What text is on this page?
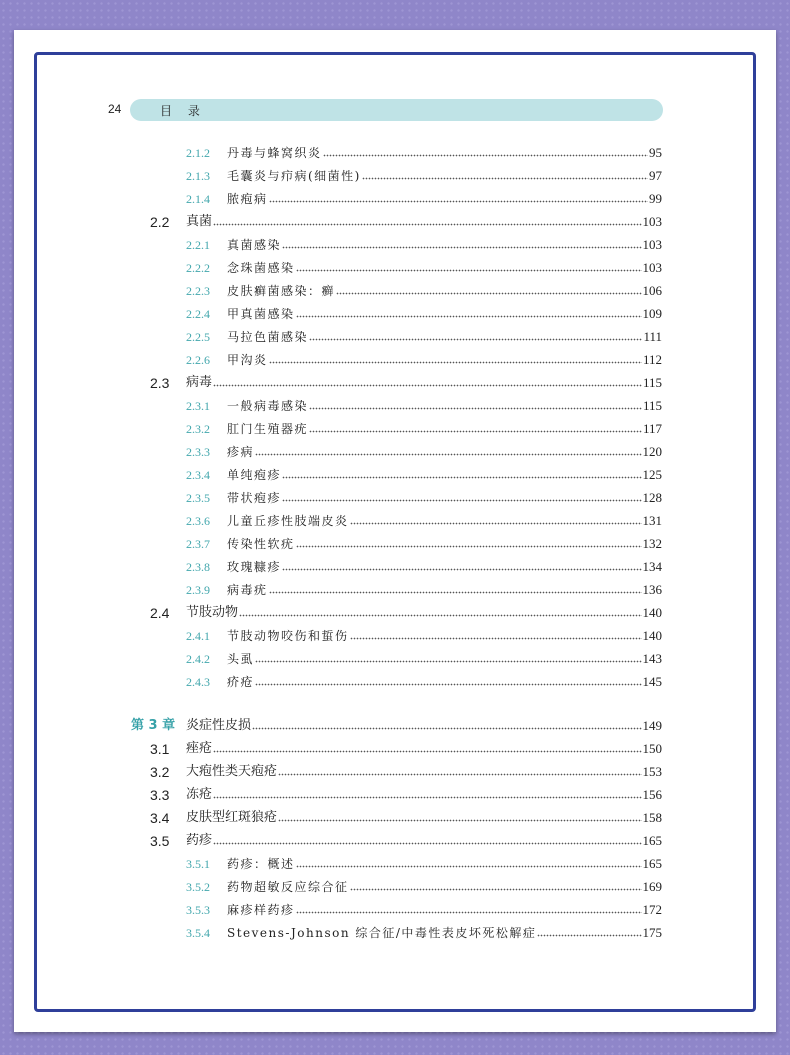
24	目 录
2.1.2	丹毒与蜂窝织炎	95
2.1.3	毛囊炎与疖病(细菌性)	97
2.1.4	脓疱病	99
2.2	真菌	103
2.2.1	真菌感染	103
2.2.2	念珠菌感染	103
2.2.3	皮肤癣菌感染：癣	106
2.2.4	甲真菌感染	109
2.2.5	马拉色菌感染	111
2.2.6	甲沟炎	112
2.3	病毒	115
2.3.1	一般病毒感染	115
2.3.2	肛门生殖器疣	117
2.3.3	疹病	120
2.3.4	单纯疱疹	125
2.3.5	带状疱疹	128
2.3.6	儿童丘疹性肢端皮炎	131
2.3.7	传染性软疣	132
2.3.8	玫瑰糠疹	134
2.3.9	病毒疣	136
2.4	节肢动物	140
2.4.1	节肢动物咬伤和蜇伤	140
2.4.2	头虱	143
2.4.3	疥疮	145
第 3 章 炎症性皮损	149
3.1	痤疮	150
3.2	大疱性类天疱疮	153
3.3	冻疮	156
3.4	皮肤型红斑狼疮	158
3.5	药疹	165
3.5.1	药疹：概述	165
3.5.2	药物超敏反应综合征	169
3.5.3	麻疹样药疹	172
3.5.4	Stevens-Johnson 综合征/中毒性表皮坏死松解症	175
